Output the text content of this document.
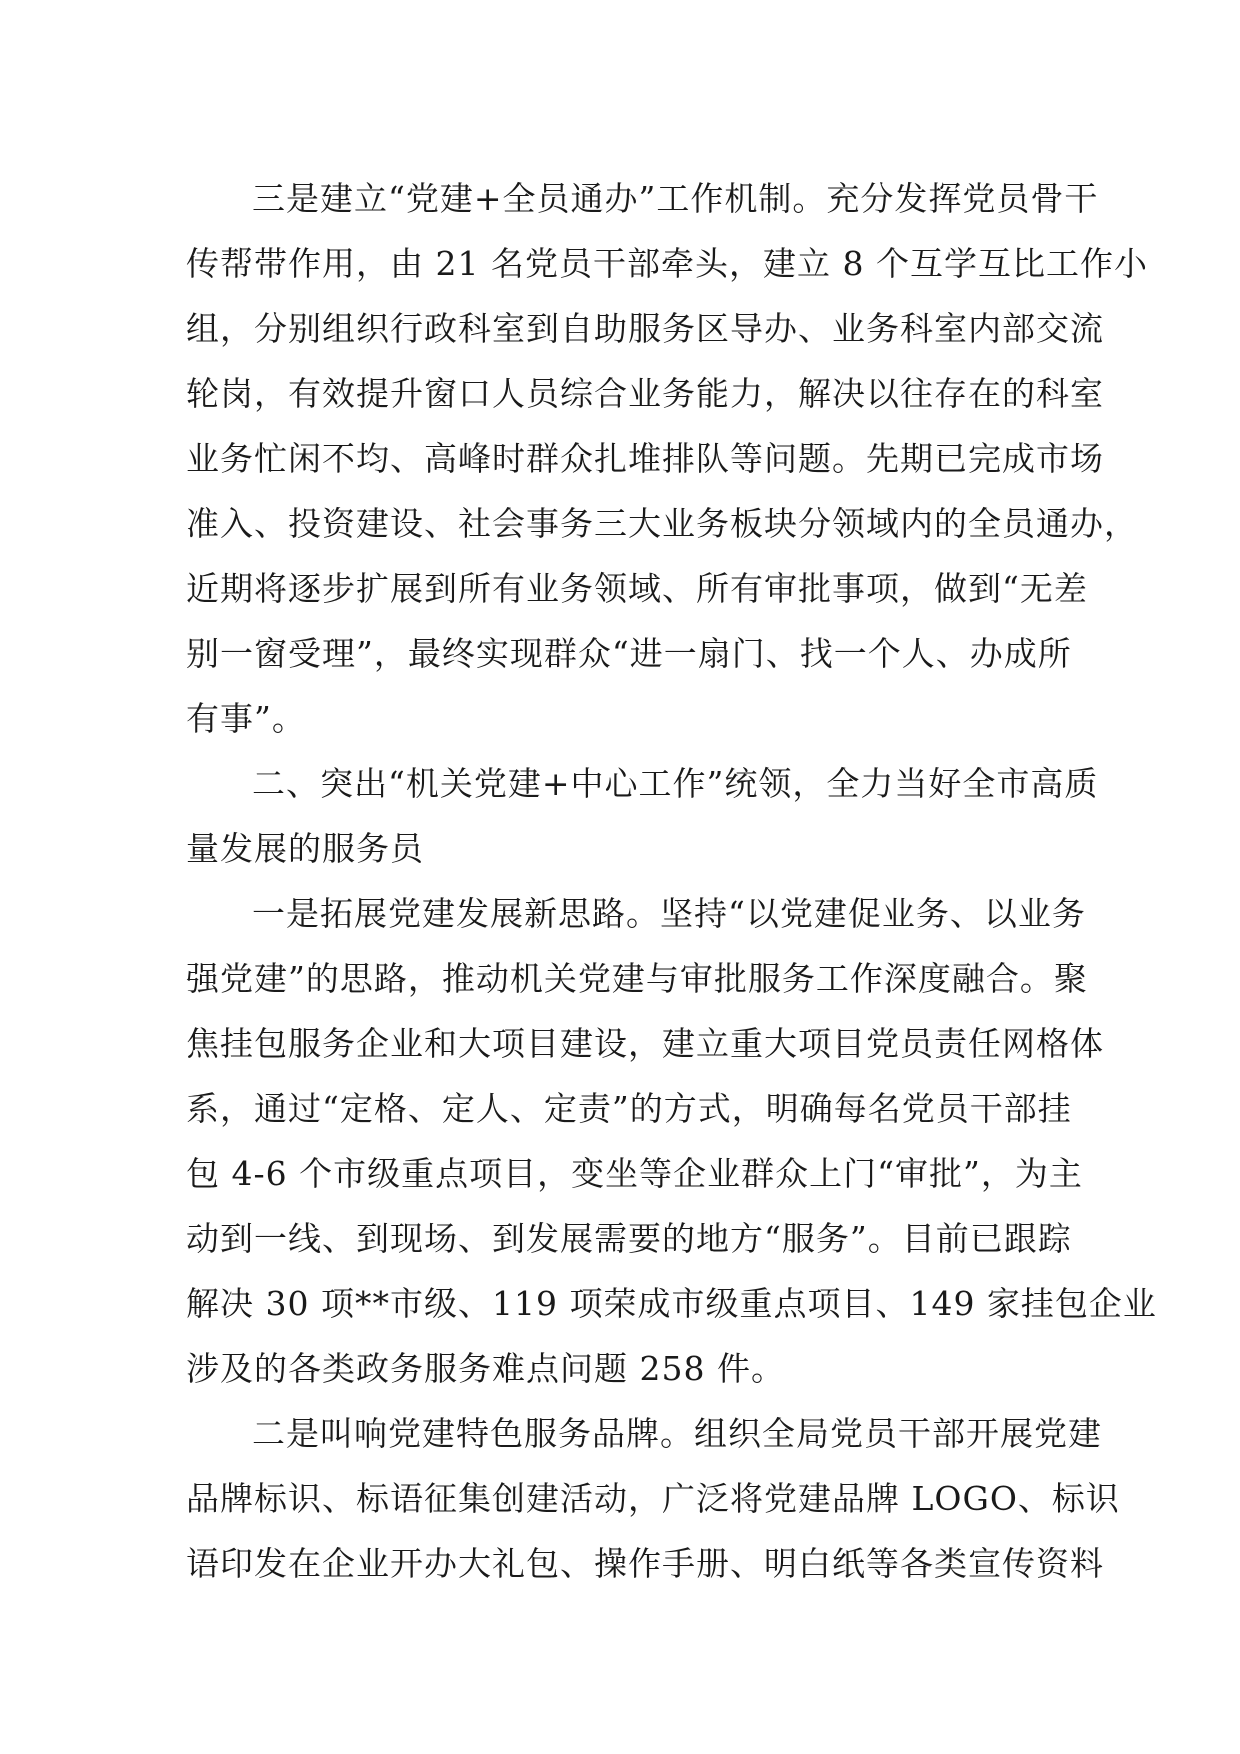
三是建立“党建+全员通办”工作机制。充分发挥党员骨干
传帮带作用，由 21 名党员干部牵头，建立 8 个互学互比工作小
组，分别组织行政科室到自助服务区导办、业务科室内部交流
轮岗，有效提升窗口人员综合业务能力，解决以往存在的科室
业务忙闲不均、高峰时群众扎堆排队等问题。先期已完成市场
准入、投资建设、社会事务三大业务板块分领域内的全员通办，
近期将逐步扩展到所有业务领域、所有审批事项，做到“无差
别一窗受理”，最终实现群众“进一扇门、找一个人、办成所
有事”。

二、突出“机关党建+中心工作”统领，全力当好全市高质
量发展的服务员

一是拓展党建发展新思路。坚持“以党建促业务、以业务
强党建”的思路，推动机关党建与审批服务工作深度融合。聚
焦挂包服务企业和大项目建设，建立重大项目党员责任网格体
系，通过“定格、定人、定责”的方式，明确每名党员干部挂
包 4-6 个市级重点项目，变坐等企业群众上门“审批”，为主
动到一线、到现场、到发展需要的地方“服务”。目前已跟踪
解决 30 项**市级、119 项荣成市级重点项目、149 家挂包企业
涉及的各类政务服务难点问题 258 件。

二是叫响党建特色服务品牌。组织全局党员干部开展党建
品牌标识、标语征集创建活动，广泛将党建品牌 LOGO、标识
语印发在企业开办大礼包、操作手册、明白纸等各类宣传资料
